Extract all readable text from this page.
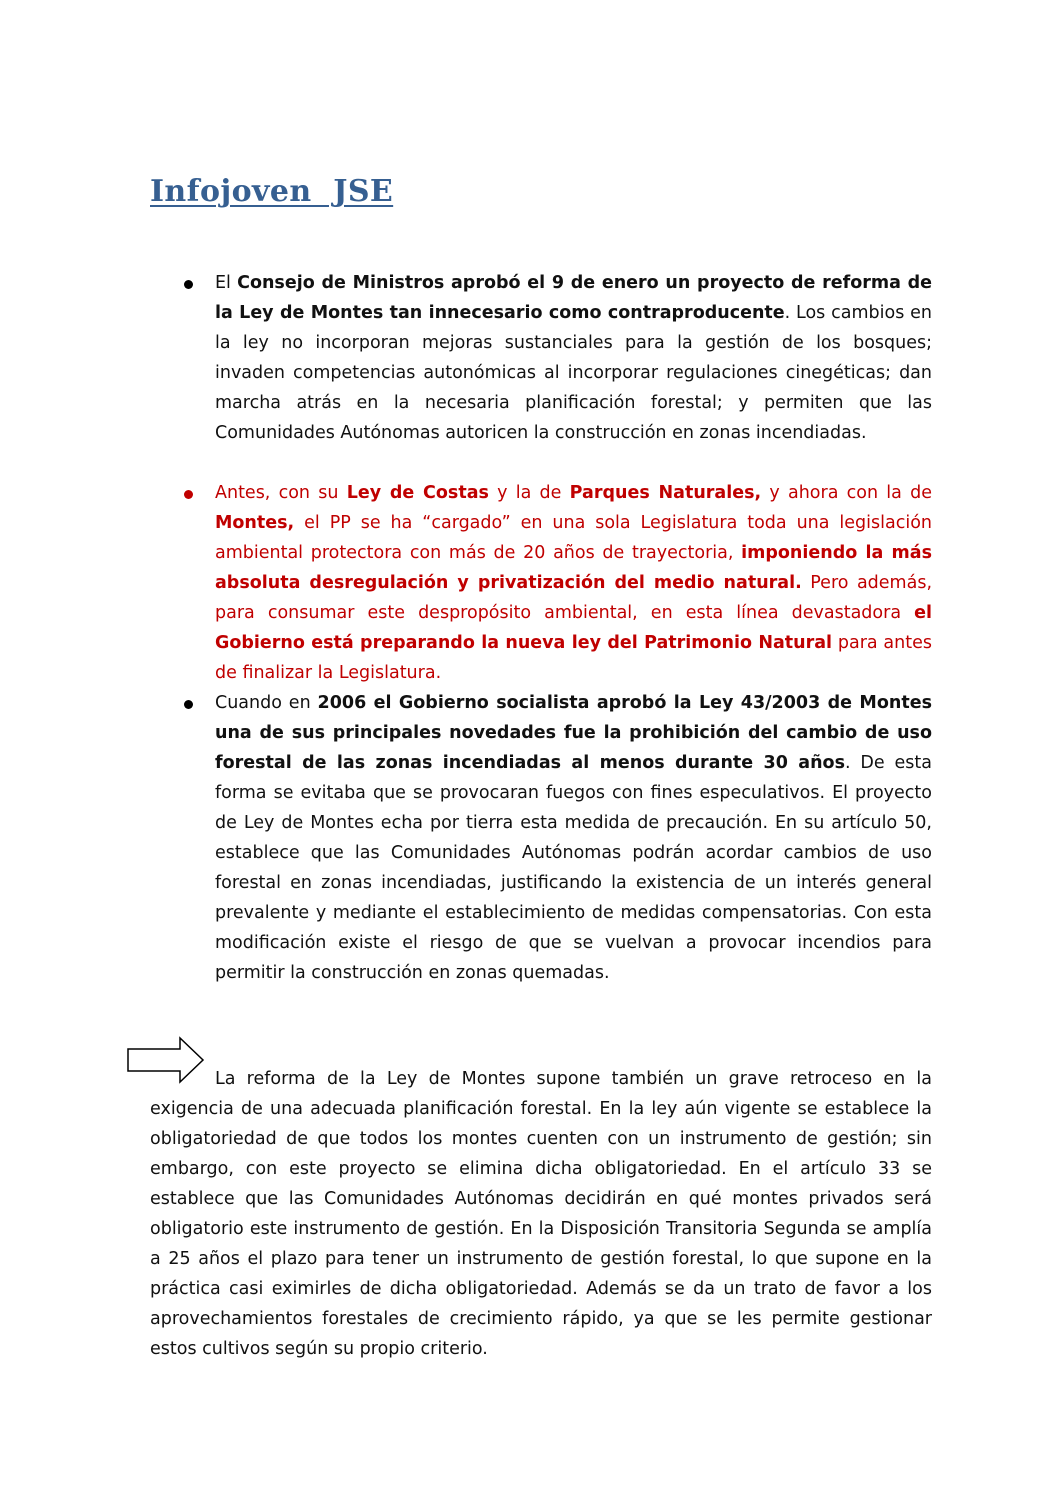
Infojoven  JSE
El Consejo de Ministros aprobó el 9 de enero un proyecto de reforma de la Ley de Montes tan innecesario como contraproducente. Los cambios en la ley no incorporan mejoras sustanciales para la gestión de los bosques; invaden competencias autonómicas al incorporar regulaciones cinegéticas; dan marcha atrás en la necesaria planificación forestal; y permiten que las Comunidades Autónomas autoricen la construcción en zonas incendiadas.
Antes, con su Ley de Costas y la de Parques Naturales, y ahora con la de Montes, el PP se ha “cargado” en una sola Legislatura toda una legislación ambiental protectora con más de 20 años de trayectoria, imponiendo la más absoluta desregulación y privatización del medio natural. Pero además, para consumar este despropósito ambiental, en esta línea devastadora el Gobierno está preparando la nueva ley del Patrimonio Natural para antes de finalizar la Legislatura.
Cuando en 2006 el Gobierno socialista aprobó la Ley 43/2003 de Montes una de sus principales novedades fue la prohibición del cambio de uso forestal de las zonas incendiadas al menos durante 30 años. De esta forma se evitaba que se provocaran fuegos con fines especulativos. El proyecto de Ley de Montes echa por tierra esta medida de precaución. En su artículo 50, establece que las Comunidades Autónomas podrán acordar cambios de uso forestal en zonas incendiadas, justificando la existencia de un interés general prevalente y mediante el establecimiento de medidas compensatorias. Con esta modificación existe el riesgo de que se vuelvan a provocar incendios para permitir la construcción en zonas quemadas.

La reforma de la Ley de Montes supone también un grave retroceso en la exigencia de una adecuada planificación forestal. En la ley aún vigente se establece la obligatoriedad de que todos los montes cuenten con un instrumento de gestión; sin embargo, con este proyecto se elimina dicha obligatoriedad. En el artículo 33 se establece que las Comunidades Autónomas decidirán en qué montes privados será obligatorio este instrumento de gestión. En la Disposición Transitoria Segunda se amplía a 25 años el plazo para tener un instrumento de gestión forestal, lo que supone en la práctica casi eximirles de dicha obligatoriedad. Además se da un trato de favor a los aprovechamientos forestales de crecimiento rápido, ya que se les permite gestionar estos cultivos según su propio criterio.
